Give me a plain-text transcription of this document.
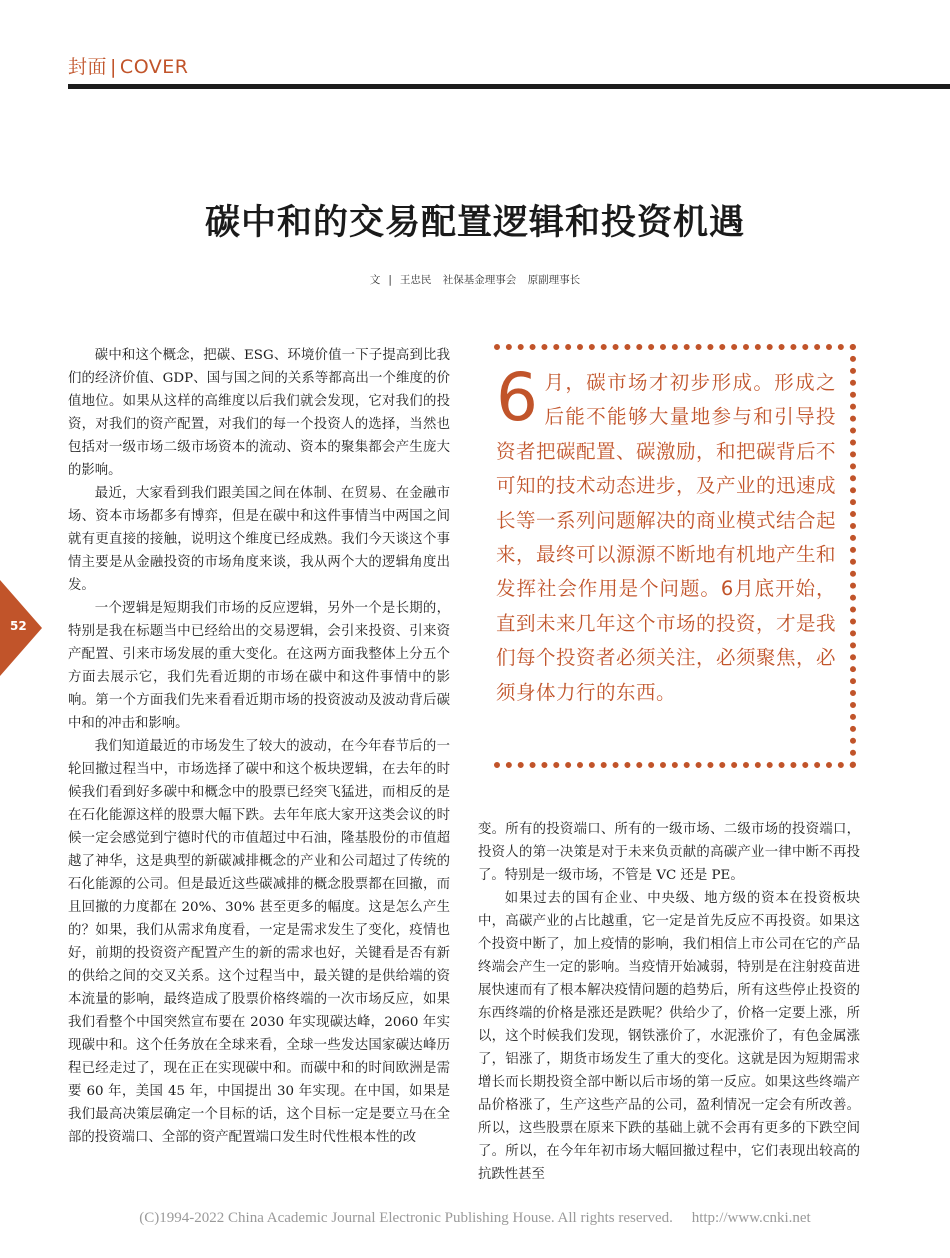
封面 | COVER
碳中和的交易配置逻辑和投资机遇
文 | 王忠民 社保基金理事会 原副理事长
52

碳中和这个概念，把碳、ESG、环境价值一下子提高到比我们的经济价值、GDP、国与国之间的关系等都高出一个维度的价值地位。如果从这样的高维度以后我们就会发现，它对我们的投资，对我们的资产配置，对我们的每一个投资人的选择，当然也包括对一级市场二级市场资本的流动、资本的聚集都会产生庞大的影响。

最近，大家看到我们跟美国之间在体制、在贸易、在金融市场、资本市场都多有博弈，但是在碳中和这件事情当中两国之间就有更直接的接触，说明这个维度已经成熟。我们今天谈这个事情主要是从金融投资的市场角度来谈，我从两个大的逻辑角度出发。

一个逻辑是短期我们市场的反应逻辑，另外一个是长期的，特别是我在标题当中已经给出的交易逻辑，会引来投资、引来资产配置、引来市场发展的重大变化。在这两方面我整体上分五个方面去展示它，我们先看近期的市场在碳中和这件事情中的影响。第一个方面我们先来看看近期市场的投资波动及波动背后碳中和的冲击和影响。

我们知道最近的市场发生了较大的波动，在今年春节后的一轮回撤过程当中，市场选择了碳中和这个板块逻辑，在去年的时候我们看到好多碳中和概念中的股票已经突飞猛进，而相反的是在石化能源这样的股票大幅下跌。去年年底大家开这类会议的时候一定会感觉到宁德时代的市值超过中石油，隆基股份的市值超越了神华，这是典型的新碳减排概念的产业和公司超过了传统的石化能源的公司。但是最近这些碳减排的概念股票都在回撤，而且回撤的力度都在 20%、30% 甚至更多的幅度。这是怎么产生的？如果，我们从需求角度看，一定是需求发生了变化，疫情也好，前期的投资资产配置产生的新的需求也好，关键看是否有新的供给之间的交叉关系。这个过程当中，最关键的是供给端的资本流量的影响，最终造成了股票价格终端的一次市场反应，如果我们看整个中国突然宣布要在 2030 年实现碳达峰，2060 年实现碳中和。这个任务放在全球来看，全球一些发达国家碳达峰历程已经走过了，现在正在实现碳中和。而碳中和的时间欧洲是需要 60 年，美国 45 年，中国提出 30 年实现。在中国，如果是我们最高决策层确定一个目标的话，这个目标一定是要立马在全部的投资端口、全部的资产配置端口发生时代性根本性的改

6 月，碳市场才初步形成。形成之后能不能够大量地参与和引导投资者把碳配置、碳激励，和把碳背后不可知的技术动态进步，及产业的迅速成长等一系列问题解决的商业模式结合起来，最终可以源源不断地有机地产生和发挥社会作用是个问题。6月底开始，直到未来几年这个市场的投资，才是我们每个投资者必须关注，必须聚焦，必须身体力行的东西。

变。所有的投资端口、所有的一级市场、二级市场的投资端口，投资人的第一决策是对于未来负贡献的高碳产业一律中断不再投了。特别是一级市场，不管是 VC 还是 PE。

如果过去的国有企业、中央级、地方级的资本在投资板块中，高碳产业的占比越重，它一定是首先反应不再投资。如果这个投资中断了，加上疫情的影响，我们相信上市公司在它的产品终端会产生一定的影响。当疫情开始减弱，特别是在注射疫苗进展快速而有了根本解决疫情问题的趋势后，所有这些停止投资的东西终端的价格是涨还是跌呢？供给少了，价格一定要上涨，所以，这个时候我们发现，钢铁涨价了，水泥涨价了，有色金属涨了，铝涨了，期货市场发生了重大的变化。这就是因为短期需求增长而长期投资全部中断以后市场的第一反应。如果这些终端产品价格涨了，生产这些产品的公司，盈利情况一定会有所改善。所以，这些股票在原来下跌的基础上就不会再有更多的下跌空间了。所以，在今年年初市场大幅回撤过程中，它们表现出较高的抗跌性甚至

(C)1994-2022 China Academic Journal Electronic Publishing House. All rights reserved. http://www.cnki.net
